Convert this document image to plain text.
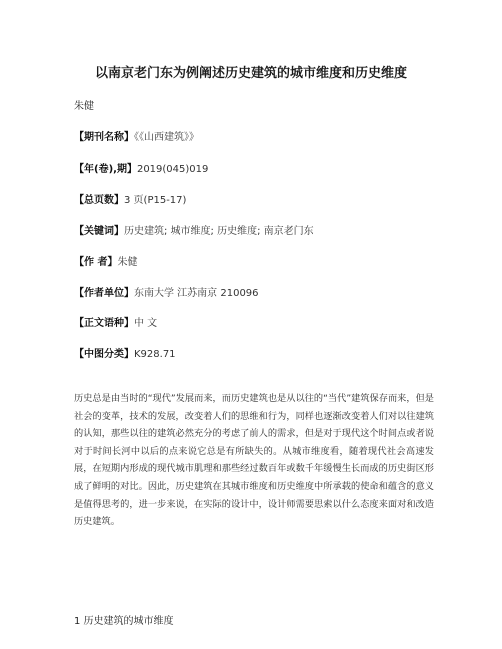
以南京老门东为例阐述历史建筑的城市维度和历史维度
朱健
【期刊名称】《《山西建筑》》
【年(卷),期】2019(045)019
【总页数】3 页(P15-17)
【关键词】历史建筑; 城市维度; 历史维度; 南京老门东
【作 者】朱健
【作者单位】东南大学 江苏南京 210096
【正文语种】中 文
【中图分类】K928.71

历史总是由当时的“现代”发展而来，而历史建筑也是从以往的“当代”建筑保存而来，但是社会的变革，技术的发展，改变着人们的思维和行为，同样也逐渐改变着人们对以往建筑的认知，那些以往的建筑必然充分的考虑了前人的需求，但是对于现代这个时间点或者说对于时间长河中以后的点来说它总是有所缺失的。从城市维度看，随着现代社会高速发展，在短期内形成的现代城市肌理和那些经过数百年或数千年缓慢生长而成的历史街区形成了鲜明的对比。因此，历史建筑在其城市维度和历史维度中所承载的使命和蕴含的意义是值得思考的，进一步来说，在实际的设计中，设计师需要思索以什么态度来面对和改造历史建筑。

1 历史建筑的城市维度
